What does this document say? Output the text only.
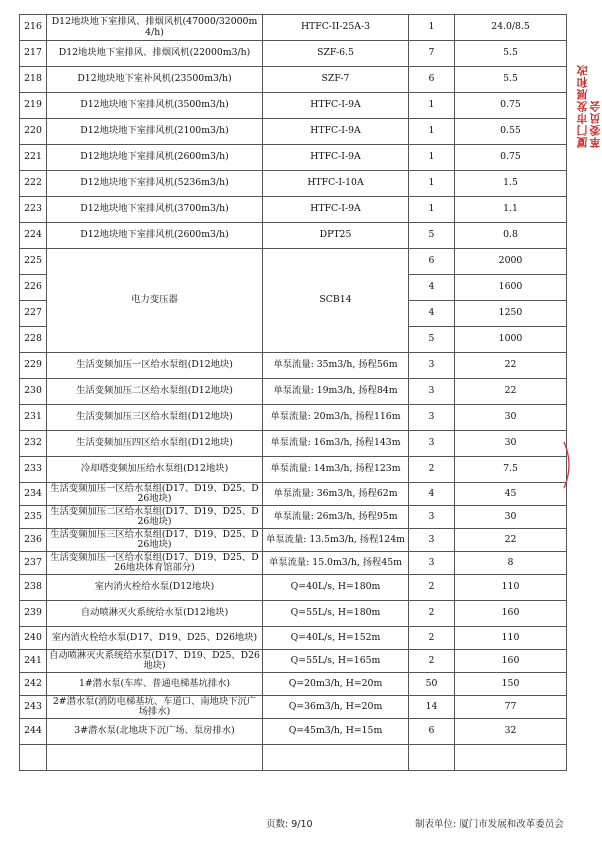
216	D12地块地下室排风、排烟风机(47000/32000m4/h)	HTFC-II-25A-3	1	24.0/8.5
217	D12地块地下室排风、排烟风机(22000m3/h)	SZF-6.5	7	5.5
218	D12地块地下室补风机(23500m3/h)	SZF-7	6	5.5
219	D12地块地下室排风机(3500m3/h)	HTFC-I-9A	1	0.75
220	D12地块地下室排风机(2100m3/h)	HTFC-I-9A	1	0.55
221	D12地块地下室排风机(2600m3/h)	HTFC-I-9A	1	0.75
222	D12地块地下室排风机(5236m3/h)	HTFC-I-10A	1	1.5
223	D12地块地下室排风机(3700m3/h)	HTFC-I-9A	1	1.1
224	D12地块地下室排风机(2600m3/h)	DPT25	5	0.8
225	电力变压器	SCB14	6	2000
226			4	1600
227			4	1250
228			5	1000
229	生活变频加压一区给水泵组(D12地块)	单泵流量: 35m3/h, 扬程56m	3	22
230	生活变频加压二区给水泵组(D12地块)	单泵流量: 19m3/h, 扬程84m	3	22
231	生活变频加压三区给水泵组(D12地块)	单泵流量: 20m3/h, 扬程116m	3	30
232	生活变频加压四区给水泵组(D12地块)	单泵流量: 16m3/h, 扬程143m	3	30
233	冷却塔变频加压给水泵组(D12地块)	单泵流量: 14m3/h, 扬程123m	2	7.5
234	生活变频加压一区给水泵组(D17、D19、D25、D26地块)	单泵流量: 36m3/h, 扬程62m	4	45
235	生活变频加压二区给水泵组(D17、D19、D25、D26地块)	单泵流量: 26m3/h, 扬程95m	3	30
236	生活变频加压三区给水泵组(D17、D19、D25、D26地块)	单泵流量: 13.5m3/h, 扬程124m	3	22
237	生活变频加压一区给水泵组(D17、D19、D25、D26地块体育馆部分)	单泵流量: 15.0m3/h, 扬程45m	3	8
238	室内消火栓给水泵(D12地块)	Q=40L/s, H=180m	2	110
239	自动喷淋灭火系统给水泵(D12地块)	Q=55L/s, H=180m	2	160
240	室内消火栓给水泵(D17、D19、D25、D26地块)	Q=40L/s, H=152m	2	110
241	自动喷淋灭火系统给水泵(D17、D19、D25、D26地块)	Q=55L/s, H=165m	2	160
242	1#潜水泵(车库、普通电梯基坑排水)	Q=20m3/h, H=20m	50	150
243	2#潜水泵(消防电梯基坑、车道口、南地块下沉广场排水)	Q=36m3/h, H=20m	14	77
244	3#潜水泵(北地块下沉广场、泵房排水)	Q=45m3/h, H=15m	6	32

厦门市发展和改革委员会
页数: 9/10	制表单位: 厦门市发展和改革委员会
